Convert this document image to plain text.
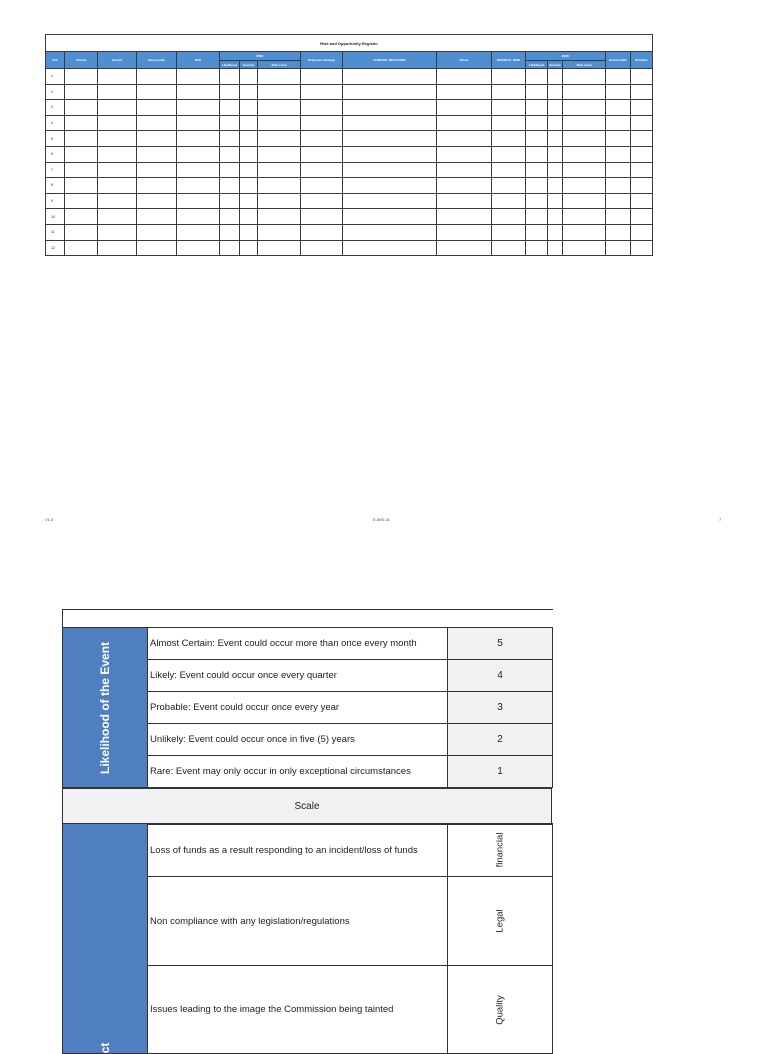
Risk and Opportunity Register																
S.N	Activity	Hazard	Opportunity	Risk	RISK			Response Strategy	CONTROL MEASURES	Owner	RESIDUAL RISK	RISK			Review Date	Remarks
					Likelihood	Severity	Risk Level					Likelihood	Severity	Risk Level		
1																
2																
3																
4																
5																
6																
7																
8																
9																
10																
11																
12																
V1.0	E-IMS-01	7
Likelihood of the Event	Almost Certain: Event could occur more than once every month	5
	Likely: Event could occur once every quarter	4
	Probable: Event could occur once every year	3
	Unlikely: Event could occur once in five (5) years	2
	Rare: Event may only occur in only exceptional circumstances	1
Scale
ct	Loss of funds as a result responding to an incident/loss of funds	financial

	Non compliance with any legislation/regulations	Legal

	Issues leading to the image the Commission being tainted	Quality
